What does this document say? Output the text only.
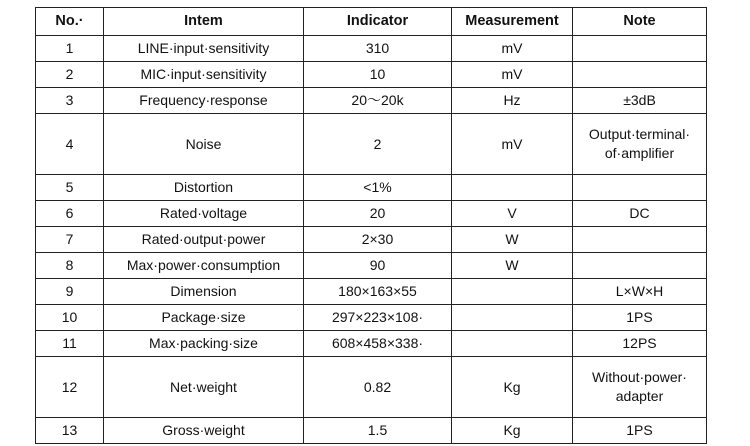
No.·	Intem	Indicator	Measurement	Note
1	LINE·input·sensitivity	310	mV	
2	MIC·input·sensitivity	10	mV	
3	Frequency·response	20～20k	Hz	±3dB
4	Noise	2	mV	Output·terminal·
of·amplifier
5	Distortion	<1%		
6	Rated·voltage	20	V	DC
7	Rated·output·power	2×30	W	
8	Max·power·consumption	90	W	
9	Dimension	180×163×55		L×W×H
10	Package·size	297×223×108·		1PS
11	Max·packing·size	608×458×338·		12PS
12	Net·weight	0.82	Kg	Without·power·
adapter
13	Gross·weight	1.5	Kg	1PS
